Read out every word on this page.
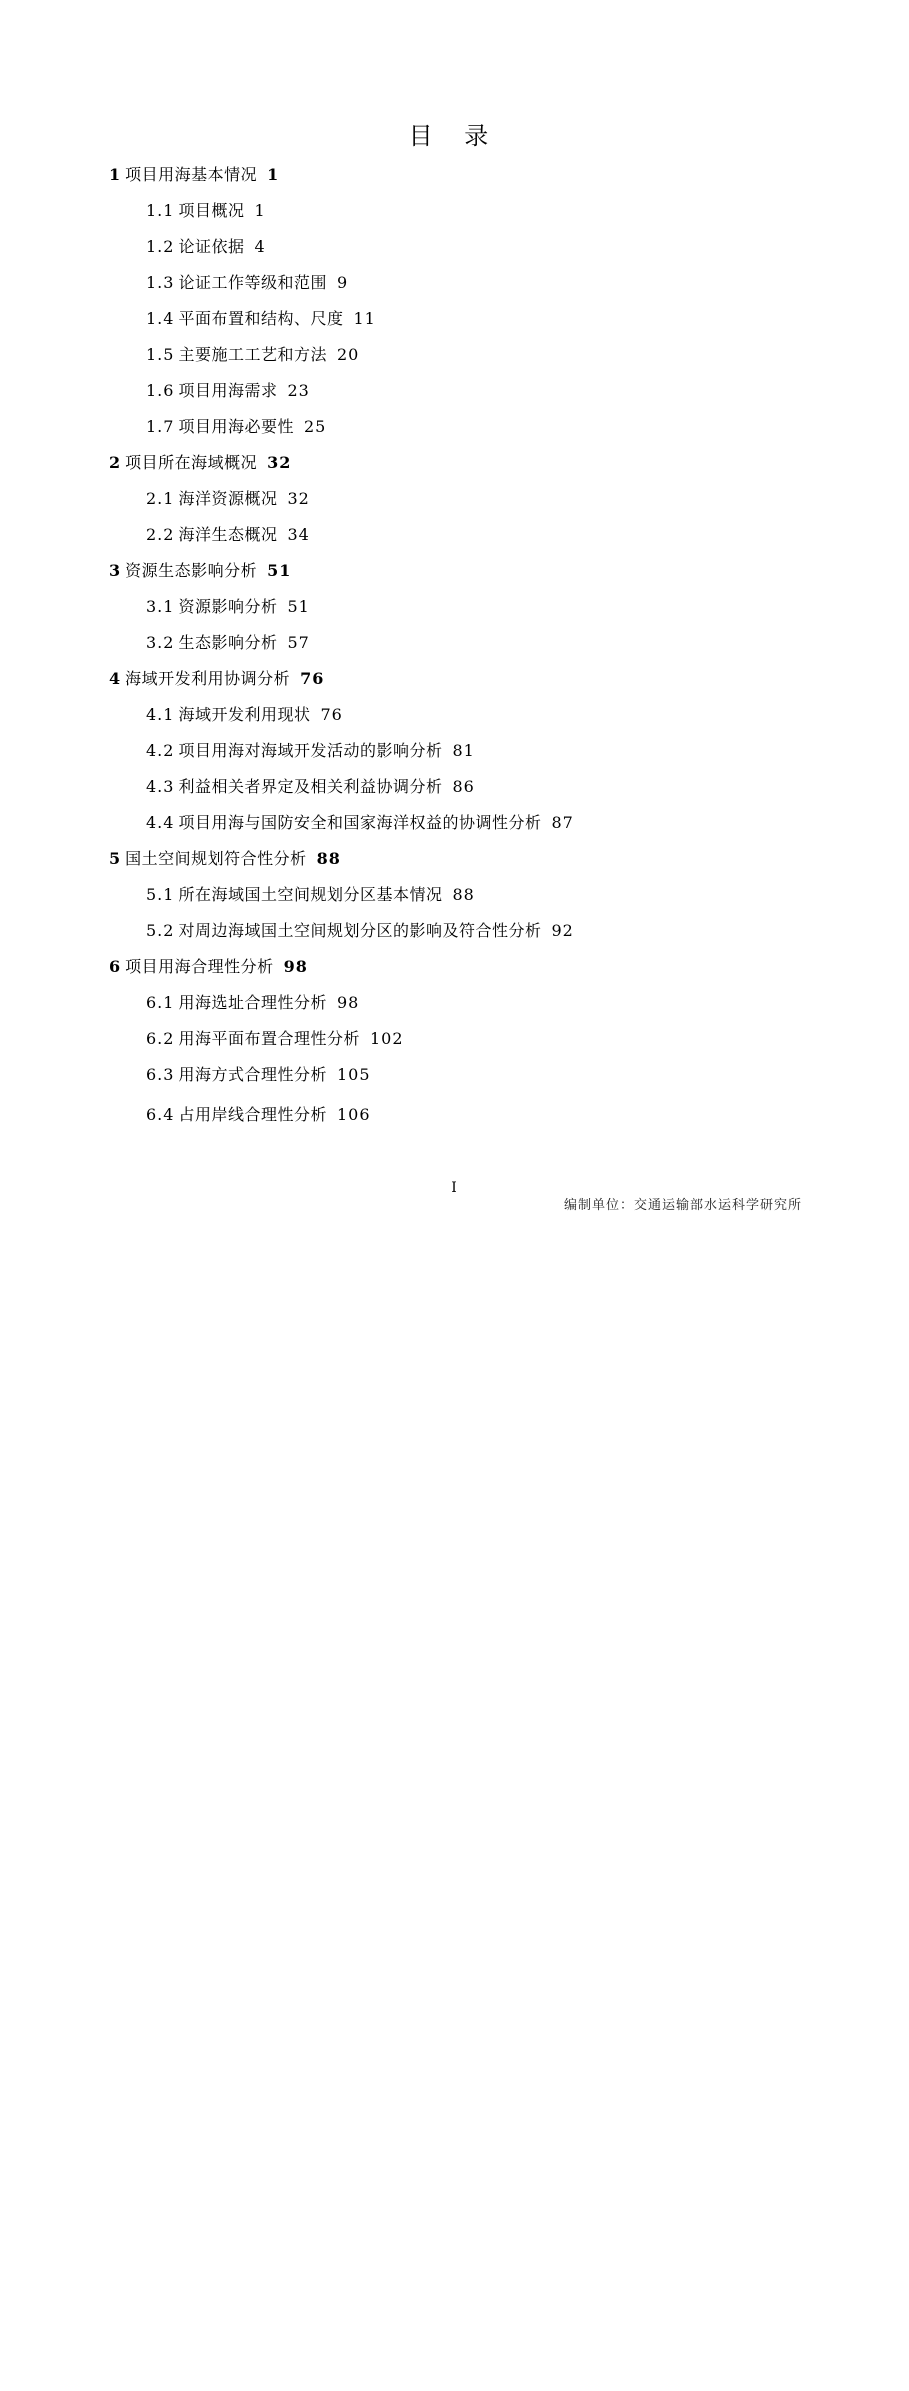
目 录
1 项目用海基本情况 1
1.1 项目概况 1
1.2 论证依据 4
1.3 论证工作等级和范围 9
1.4 平面布置和结构、尺度 11
1.5 主要施工工艺和方法 20
1.6 项目用海需求 23
1.7 项目用海必要性 25
2 项目所在海域概况 32
2.1 海洋资源概况 32
2.2 海洋生态概况 34
3 资源生态影响分析 51
3.1 资源影响分析 51
3.2 生态影响分析 57
4 海域开发利用协调分析 76
4.1 海域开发利用现状 76
4.2 项目用海对海域开发活动的影响分析 81
4.3 利益相关者界定及相关利益协调分析 86
4.4 项目用海与国防安全和国家海洋权益的协调性分析 87
5 国土空间规划符合性分析 88
5.1 所在海域国土空间规划分区基本情况 88
5.2 对周边海域国土空间规划分区的影响及符合性分析 92
6 项目用海合理性分析 98
6.1 用海选址合理性分析 98
6.2 用海平面布置合理性分析 102
6.3 用海方式合理性分析 105
6.4 占用岸线合理性分析 106
I
编制单位：交通运输部水运科学研究所
